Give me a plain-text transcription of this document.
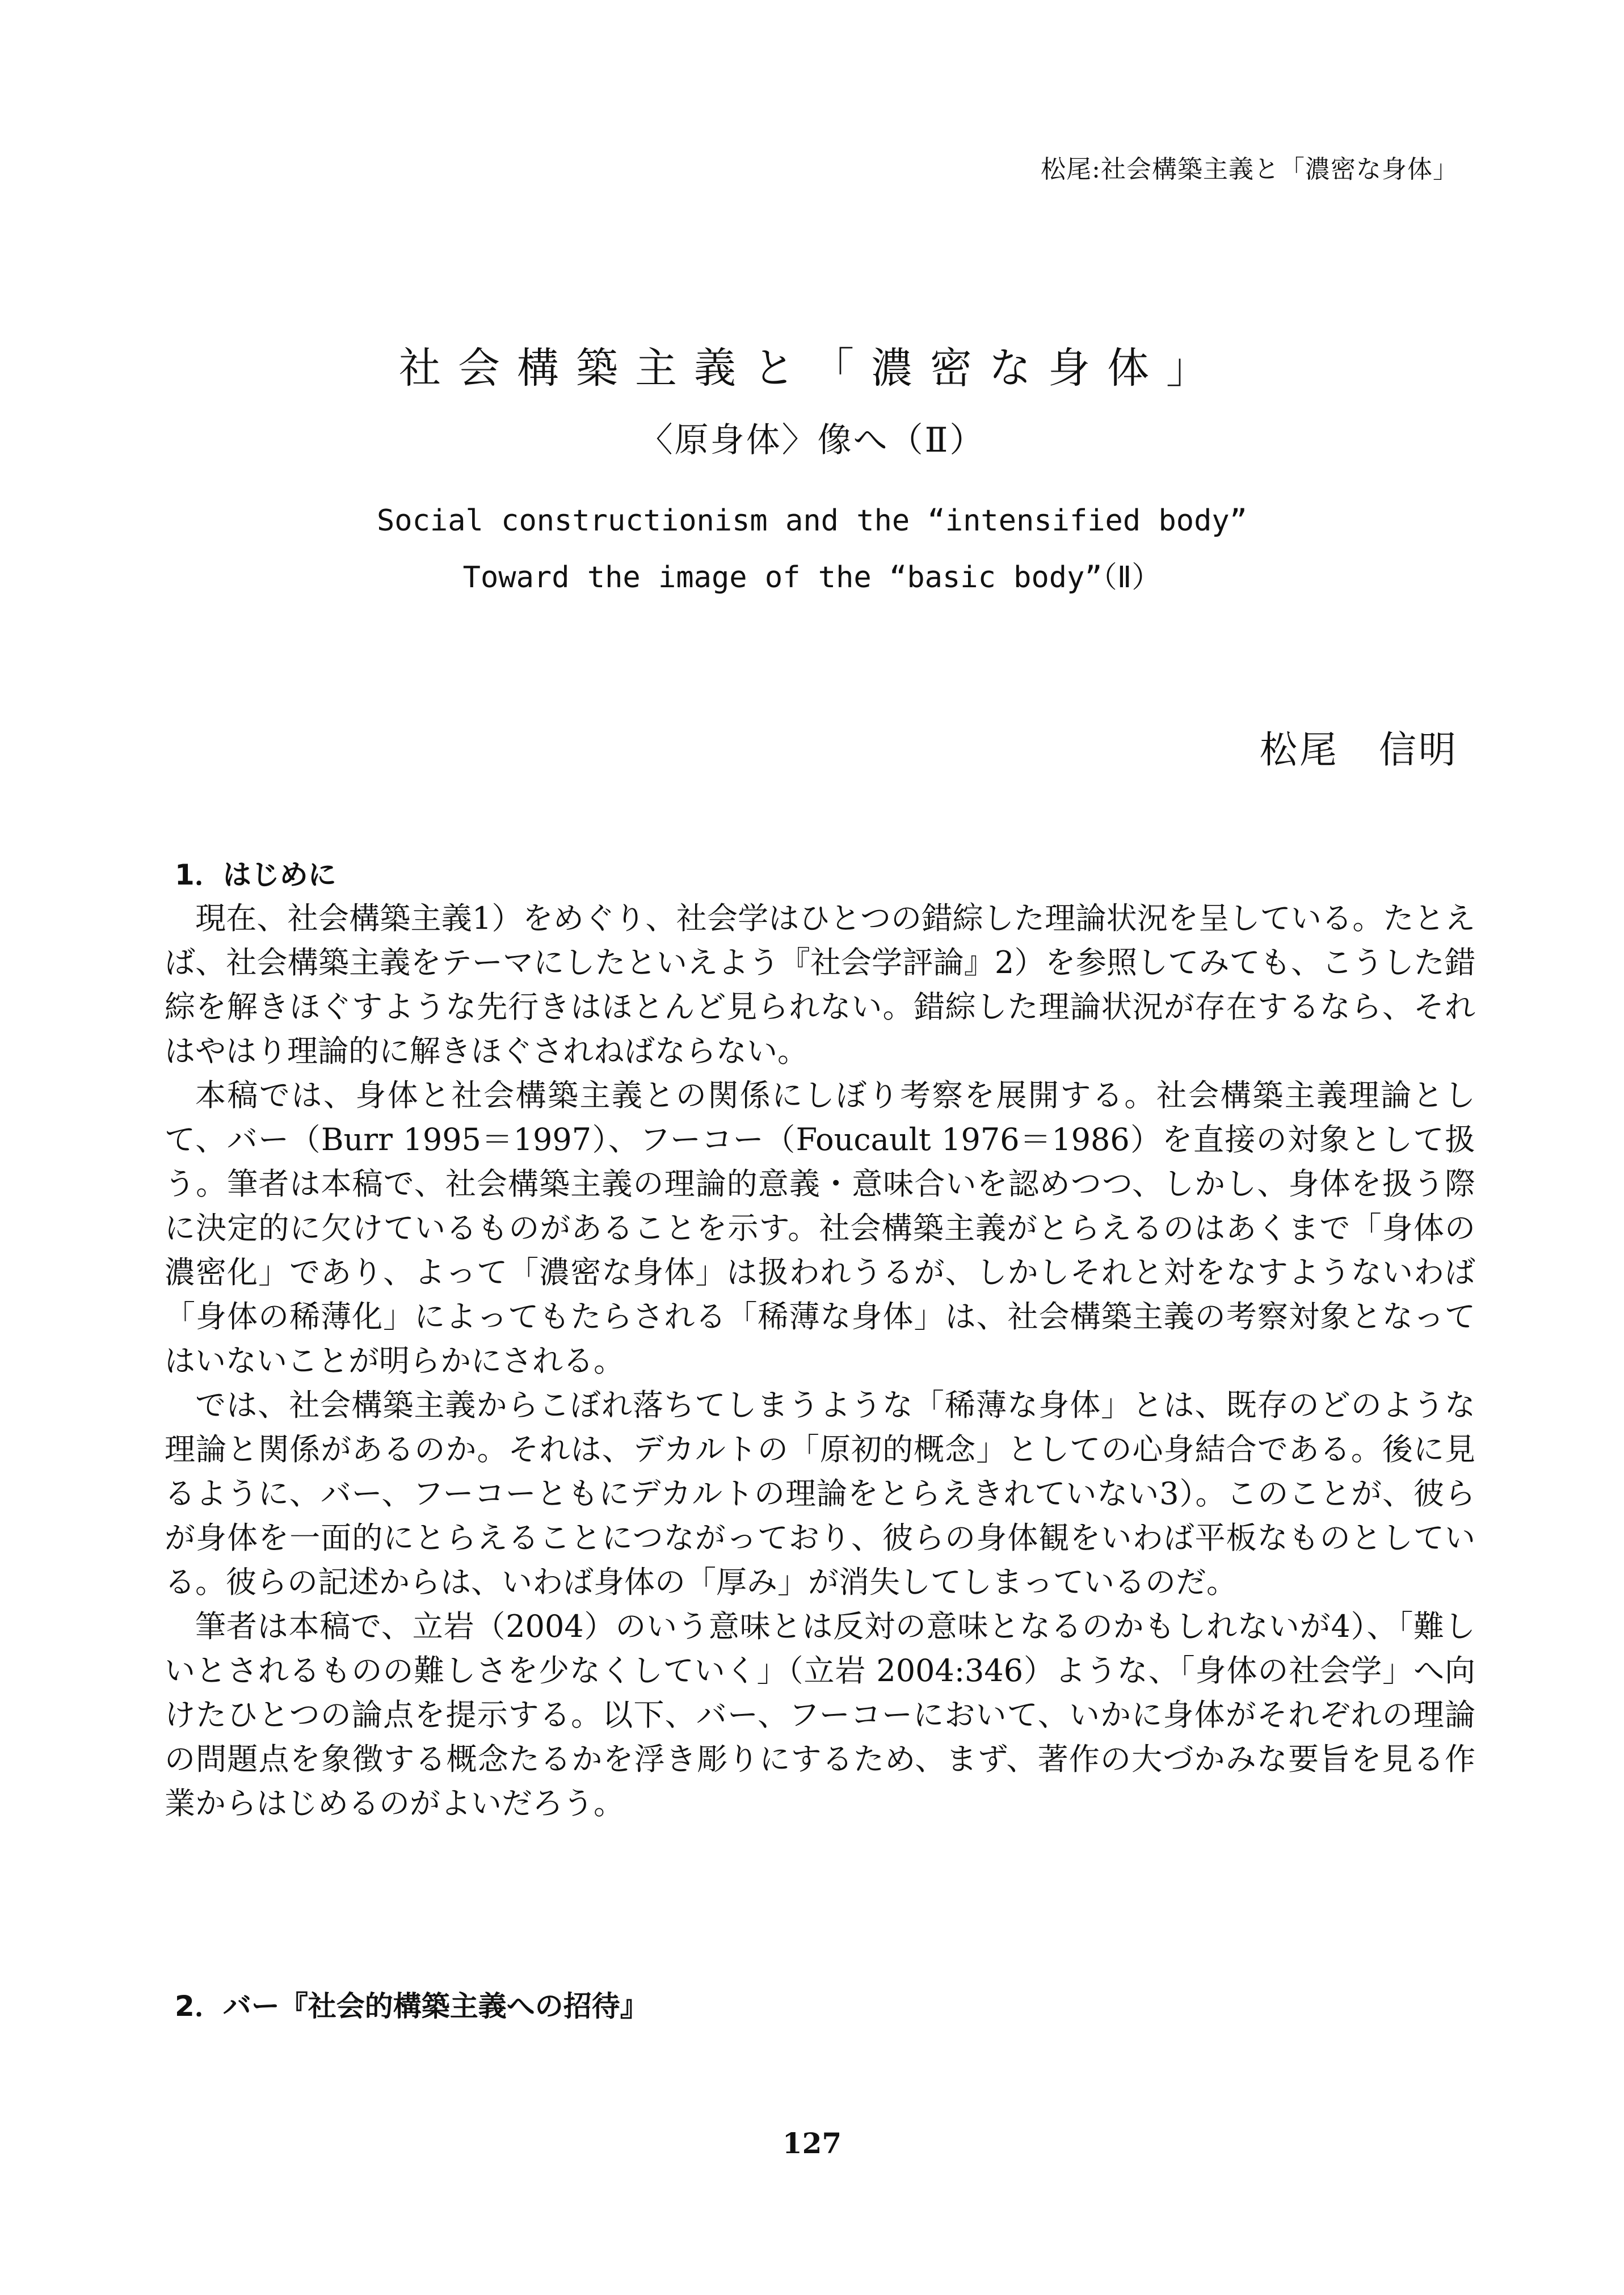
松尾:社会構築主義と「濃密な身体」
社会構築主義と「濃密な身体」
〈原身体〉像へ（Ⅱ）
Social constructionism and the “intensified body”
Toward the image of the “basic body”（Ⅱ）
松尾　信明
1．はじめに

現在、社会構築主義1）をめぐり、社会学はひとつの錯綜した理論状況を呈している。たとえば、社会構築主義をテーマにしたといえよう『社会学評論』2）を参照してみても、こうした錯綜を解きほぐすような先行きはほとんど見られない。錯綜した理論状況が存在するなら、それはやはり理論的に解きほぐされねばならない。

本稿では、身体と社会構築主義との関係にしぼり考察を展開する。社会構築主義理論として、バー（Burr 1995＝1997）、フーコー（Foucault 1976＝1986）を直接の対象として扱う。筆者は本稿で、社会構築主義の理論的意義・意味合いを認めつつ、しかし、身体を扱う際に決定的に欠けているものがあることを示す。社会構築主義がとらえるのはあくまで「身体の濃密化」であり、よって「濃密な身体」は扱われうるが、しかしそれと対をなすようないわば「身体の稀薄化」によってもたらされる「稀薄な身体」は、社会構築主義の考察対象となってはいないことが明らかにされる。

では、社会構築主義からこぼれ落ちてしまうような「稀薄な身体」とは、既存のどのような理論と関係があるのか。それは、デカルトの「原初的概念」としての心身結合である。後に見るように、バー、フーコーともにデカルトの理論をとらえきれていない3）。このことが、彼らが身体を一面的にとらえることにつながっており、彼らの身体観をいわば平板なものとしている。彼らの記述からは、いわば身体の「厚み」が消失してしまっているのだ。

筆者は本稿で、立岩（2004）のいう意味とは反対の意味となるのかもしれないが4）、「難しいとされるものの難しさを少なくしていく」（立岩 2004:346）ような、「身体の社会学」へ向けたひとつの論点を提示する。以下、バー、フーコーにおいて、いかに身体がそれぞれの理論の問題点を象徴する概念たるかを浮き彫りにするため、まず、著作の大づかみな要旨を見る作業からはじめるのがよいだろう。

2．バー『社会的構築主義への招待』
127
